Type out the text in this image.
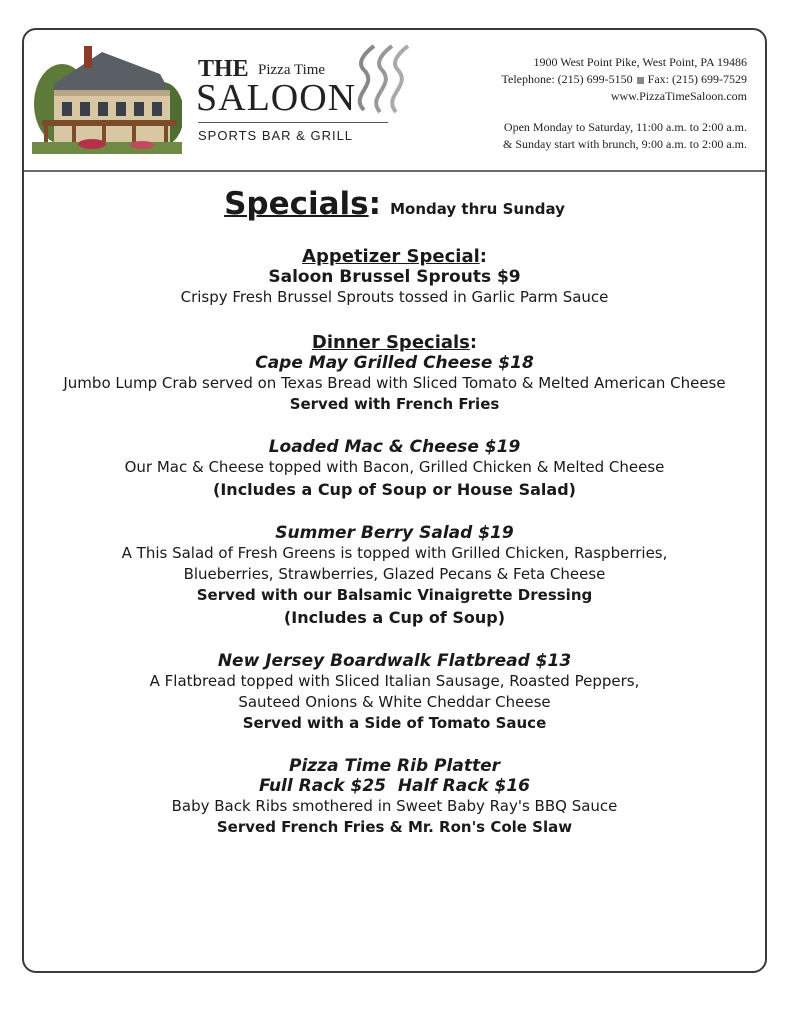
THE Pizza Time
SALOON
SPORTS BAR & GRILL
1900 West Point Pike, West Point, PA 19486
Telephone: (215) 699-5150 Fax: (215) 699-7529
www.PizzaTimeSaloon.com
Open Monday to Saturday, 11:00 a.m. to 2:00 a.m.
& Sunday start with brunch, 9:00 a.m. to 2:00 a.m.
Specials: Monday thru Sunday
Appetizer Special:
Saloon Brussel Sprouts $9
Crispy Fresh Brussel Sprouts tossed in Garlic Parm Sauce
Dinner Specials:
Cape May Grilled Cheese $18
Jumbo Lump Crab served on Texas Bread with Sliced Tomato & Melted American Cheese
Served with French Fries
Loaded Mac & Cheese $19
Our Mac & Cheese topped with Bacon, Grilled Chicken & Melted Cheese
(Includes a Cup of Soup or House Salad)
Summer Berry Salad $19
A This Salad of Fresh Greens is topped with Grilled Chicken, Raspberries,
Blueberries, Strawberries, Glazed Pecans & Feta Cheese
Served with our Balsamic Vinaigrette Dressing
(Includes a Cup of Soup)
New Jersey Boardwalk Flatbread $13
A Flatbread topped with Sliced Italian Sausage, Roasted Peppers,
Sauteed Onions & White Cheddar Cheese
Served with a Side of Tomato Sauce
Pizza Time Rib Platter
Full Rack $25  Half Rack $16
Baby Back Ribs smothered in Sweet Baby Ray's BBQ Sauce
Served French Fries & Mr. Ron's Cole Slaw
